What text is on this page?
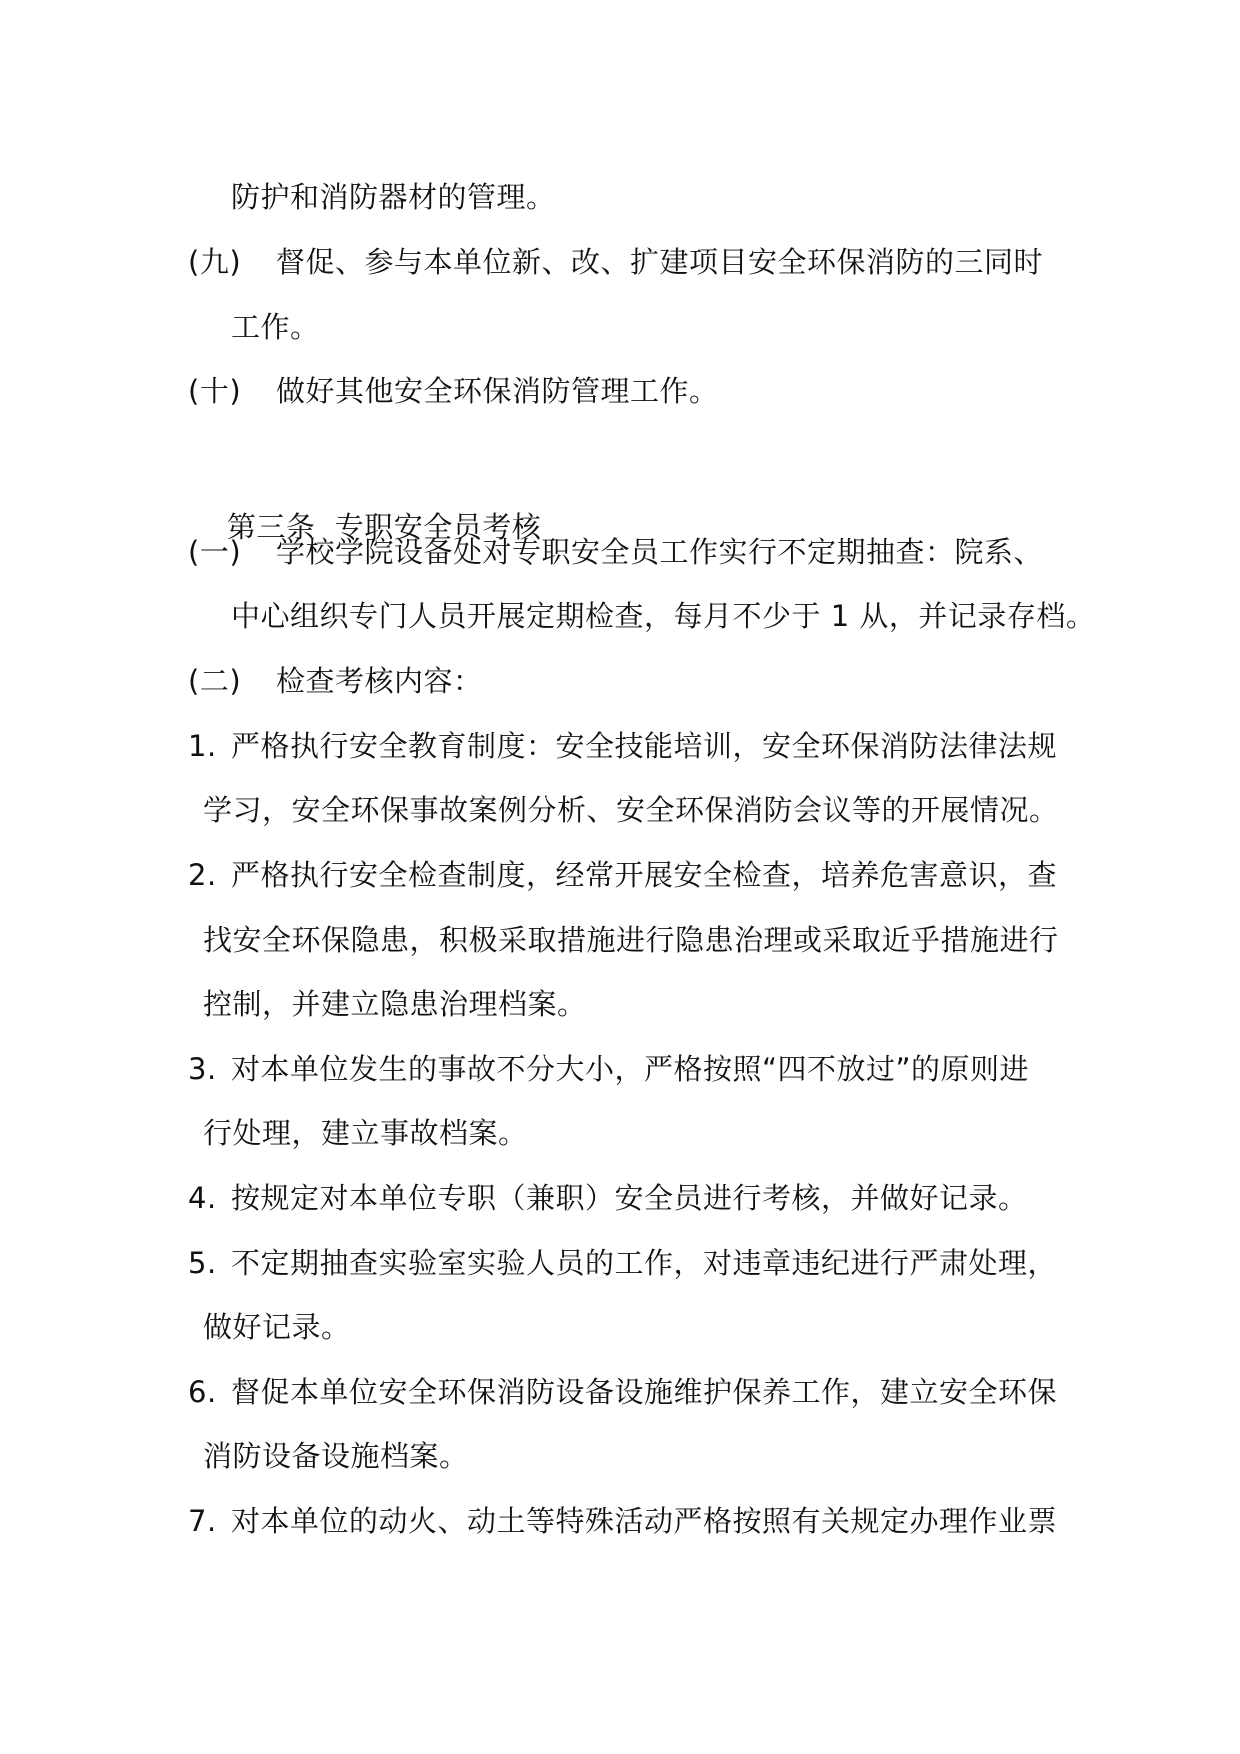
防护和消防器材的管理。
(九) 督促、参与本单位新、改、扩建项目安全环保消防的三同时
工作。
(十) 做好其他安全环保消防管理工作。

第三条  专职安全员考核

(一) 学校学院设备处对专职安全员工作实行不定期抽查：院系、
中心组织专门人员开展定期检查，每月不少于 1 从，并记录存档。
(二) 检查考核内容：
1. 严格执行安全教育制度：安全技能培训，安全环保消防法律法规
学习，安全环保事故案例分析、安全环保消防会议等的开展情况。
2. 严格执行安全检查制度，经常开展安全检查，培养危害意识，查
找安全环保隐患，积极采取措施进行隐患治理或采取近乎措施进行
控制，并建立隐患治理档案。
3. 对本单位发生的事故不分大小，严格按照“四不放过”的原则进
行处理，建立事故档案。
4. 按规定对本单位专职（兼职）安全员进行考核，并做好记录。
5. 不定期抽查实验室实验人员的工作，对违章违纪进行严肃处理，
做好记录。
6. 督促本单位安全环保消防设备设施维护保养工作，建立安全环保
消防设备设施档案。
7. 对本单位的动火、动土等特殊活动严格按照有关规定办理作业票
